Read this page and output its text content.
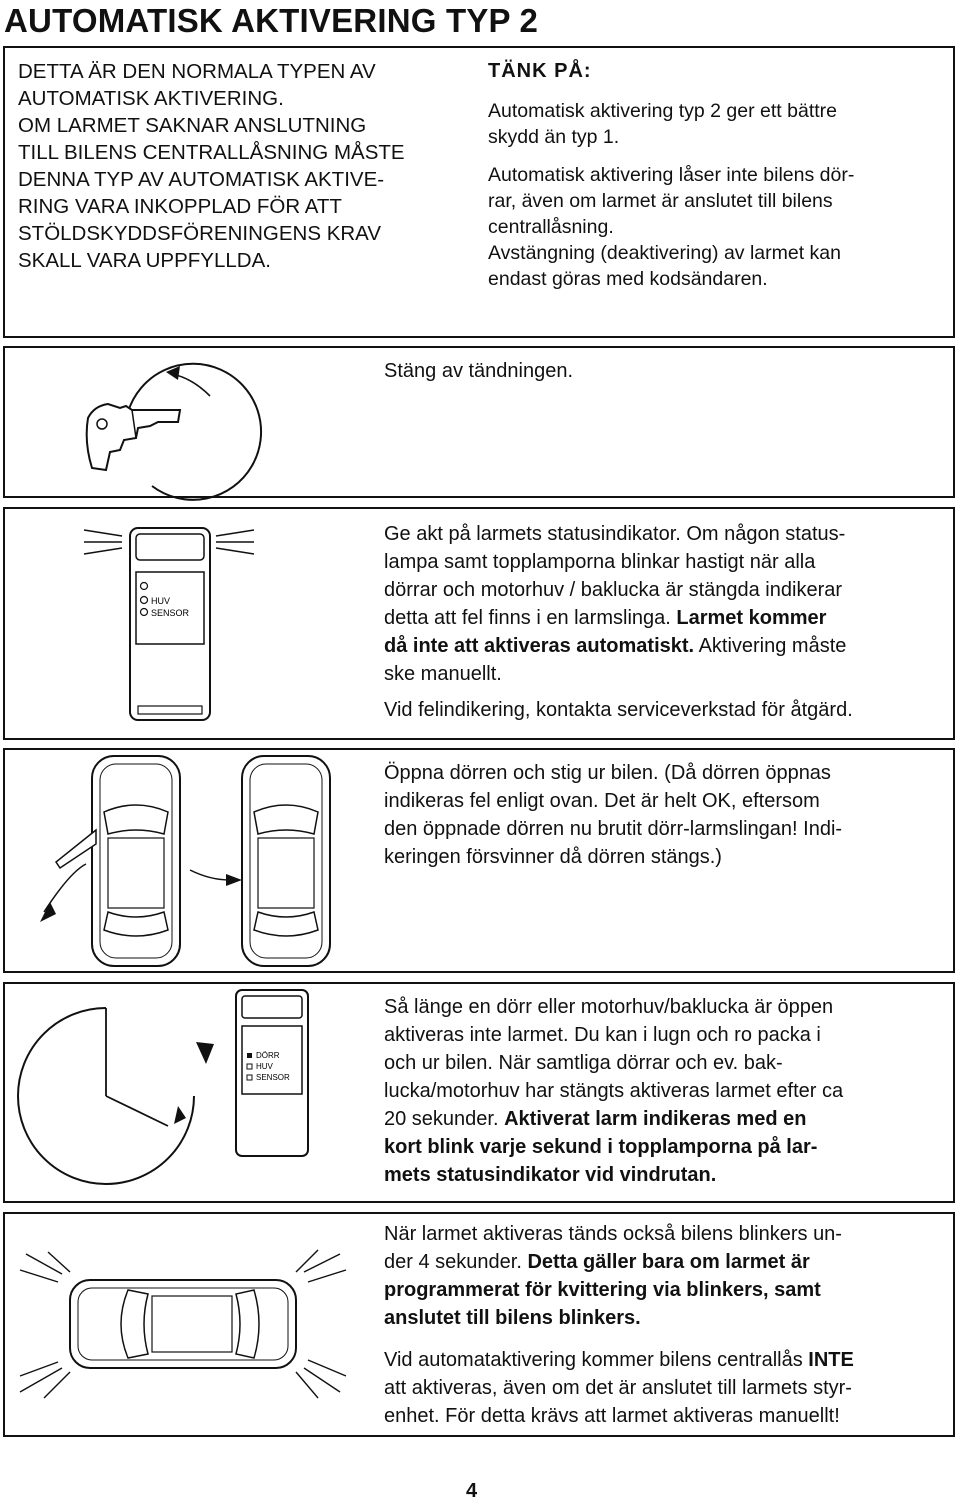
AUTOMATISK AKTIVERING TYP 2
DETTA ÄR DEN NORMALA TYPEN AV
AUTOMATISK AKTIVERING.
OM LARMET SAKNAR ANSLUTNING
TILL BILENS CENTRALLÅSNING MÅSTE
DENNA TYP AV AUTOMATISK AKTIVE-
RING VARA INKOPPLAD FÖR ATT
STÖLDSKYDDSFÖRENINGENS KRAV
SKALL VARA UPPFYLLDA.
TÄNK PÅ:
Automatisk aktivering typ 2 ger ett bättre
skydd än typ 1.
Automatisk aktivering låser inte bilens dör-
rar, även om larmet är anslutet till bilens
centrallåsning.
Avstängning (deaktivering) av larmet kan
endast göras med kodsändaren.
Stäng av tändningen.
HUV
SENSOR
Ge akt på larmets statusindikator. Om någon status-
lampa samt topplamporna blinkar hastigt när alla
dörrar och motorhuv / baklucka är stängda indikerar
detta att fel finns i en larmslinga. Larmet kommer
då inte att aktiveras automatiskt. Aktivering måste
ske manuellt.
Vid felindikering, kontakta serviceverkstad för åtgärd.
Öppna dörren och stig ur bilen. (Då dörren öppnas
indikeras fel enligt ovan. Det är helt OK, eftersom
den öppnade dörren nu brutit dörr-larmslingan! Indi-
keringen försvinner då dörren stängs.)
DÖRR
HUV
SENSOR
Så länge en dörr eller motorhuv/baklucka är öppen
aktiveras inte larmet. Du kan i lugn och ro packa i
och ur bilen. När samtliga dörrar och ev. bak-
lucka/motorhuv har stängts aktiveras larmet efter ca
20 sekunder. Aktiverat larm indikeras med en
kort blink varje sekund i topplamporna på lar-
mets statusindikator vid vindrutan.
När larmet aktiveras tänds också bilens blinkers un-
der 4 sekunder. Detta gäller bara om larmet är
programmerat för kvittering via blinkers, samt
anslutet till bilens blinkers.
Vid automataktivering kommer bilens centrallås INTE
att aktiveras, även om det är anslutet till larmets styr-
enhet. För detta krävs att larmet aktiveras manuellt!
4
